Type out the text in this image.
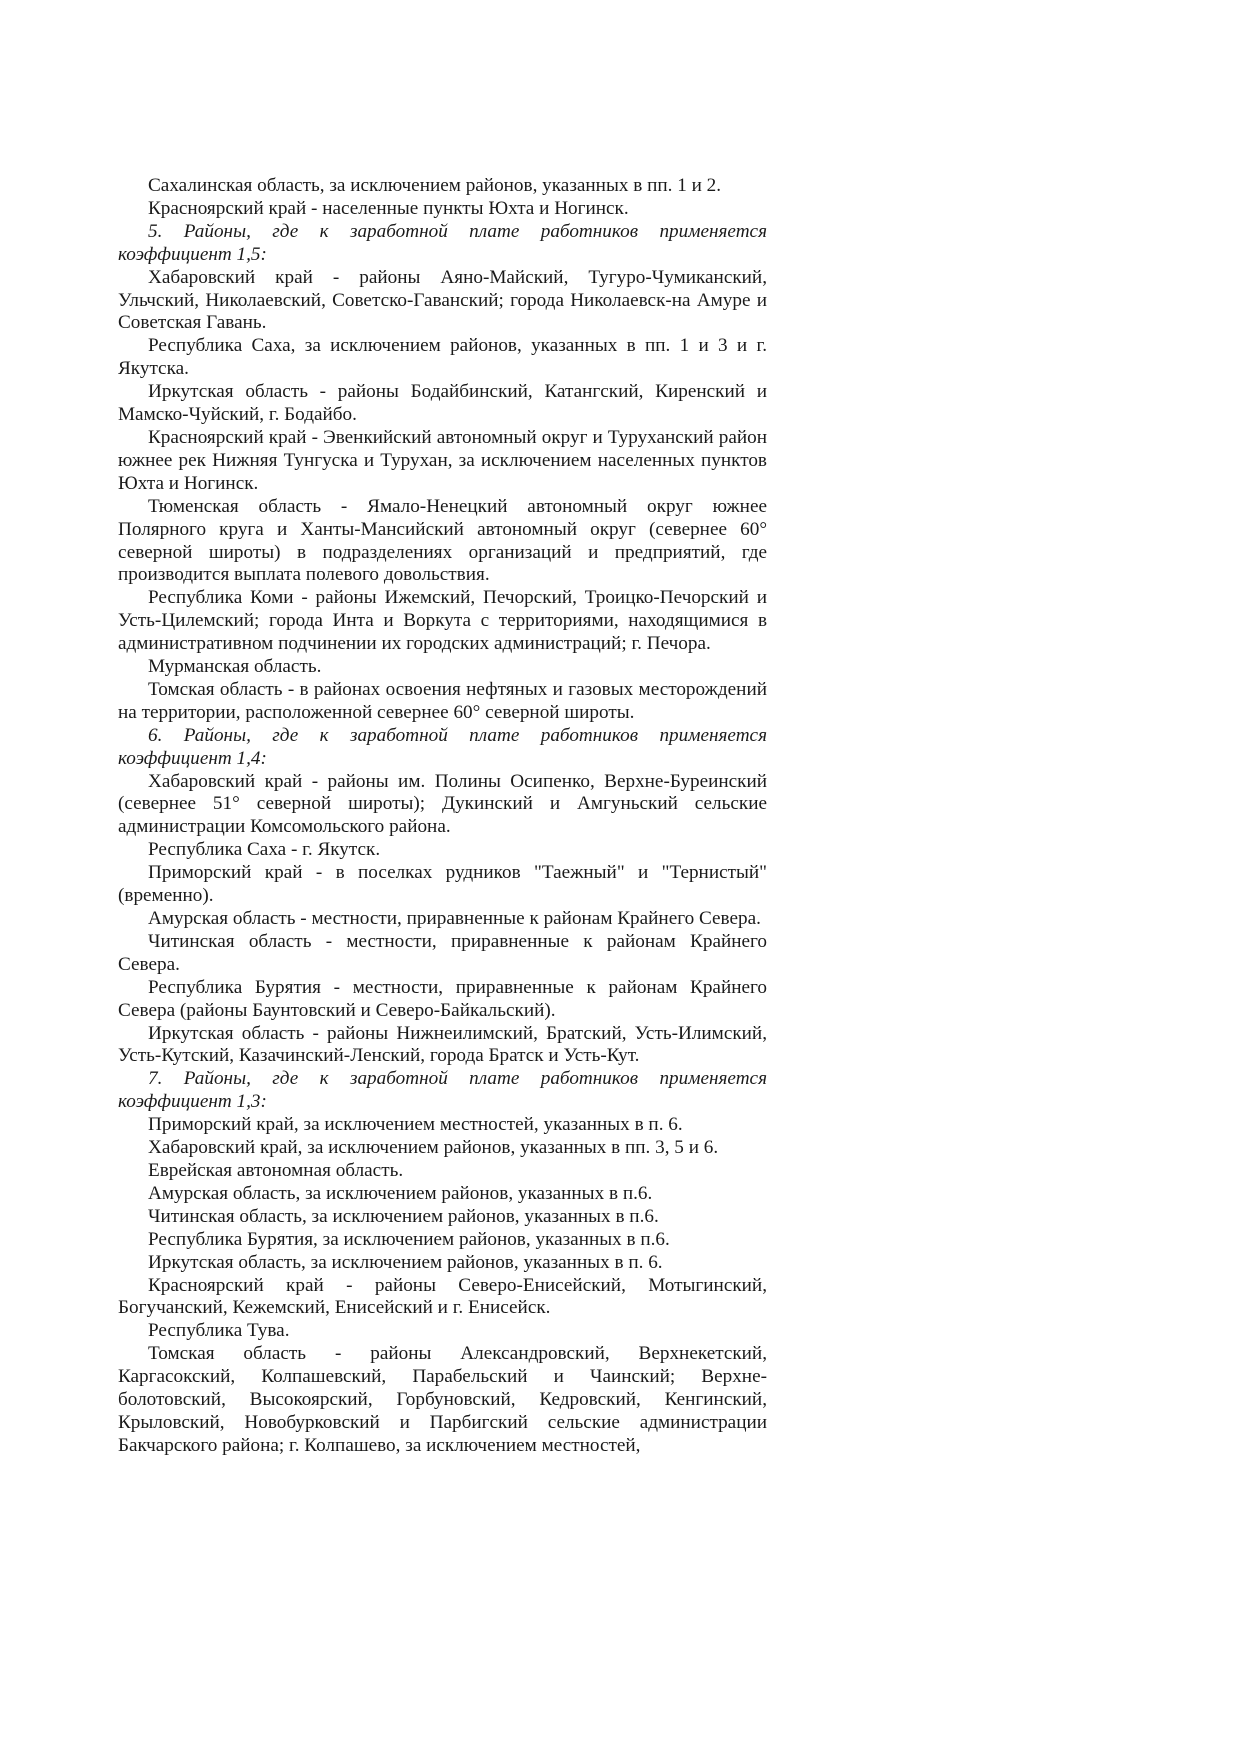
Сахалинская область, за исключением районов, указанных в пп. 1 и 2.

Красноярский край - населенные пункты Юхта и Ногинск.

5. Районы, где к заработной плате работников применяется коэффициент 1,5:

Хабаровский край - районы Аяно-Майский, Тугуро-Чумиканский, Ульчский, Николаевский, Советско-Гаванский; города Николаевск-на Амуре и Советская Гавань.

Республика Саха, за исключением районов, указанных в пп. 1 и 3 и г. Якутска.

Иркутская область - районы Бодайбинский, Катангский, Киренский и Мамско-Чуйский, г. Бодайбо.

Красноярский край - Эвенкийский автономный округ и Туруханский район южнее рек Нижняя Тунгуска и Турухан, за исключением населенных пунктов Юхта и Ногинск.

Тюменская область - Ямало-Ненецкий автономный округ южнее Полярного круга и Ханты-Мансийский автономный округ (севернее 60° северной широты) в подразделениях организаций и предприятий, где производится выплата полевого довольствия.

Республика Коми - районы Ижемский, Печорский, Троицко-Печорский и Усть-Цилемский; города Инта и Воркута с территориями, находящимися в административном подчинении их городских администраций; г. Печора.

Мурманская область.

Томская область - в районах освоения нефтяных и газовых месторождений на территории, расположенной севернее 60° северной широты.

6. Районы, где к заработной плате работников применяется коэффициент 1,4:

Хабаровский край - районы им. Полины Осипенко, Верхне-Буреинский (севернее 51° северной широты); Дукинский и Амгуньский сельские администрации Комсомольского района.

Республика Саха - г. Якутск.

Приморский край - в поселках рудников "Таежный" и "Тернистый" (временно).

Амурская область - местности, приравненные к районам Крайнего Севера.

Читинская область - местности, приравненные к районам Крайнего Севера.

Республика Бурятия - местности, приравненные к районам Крайнего Севера (районы Баунтовский и Северо-Байкальский).

Иркутская область - районы Нижнеилимский, Братский, Усть-Илимский, Усть-Кутский, Казачинский-Ленский, города Братск и Усть-Кут.

7. Районы, где к заработной плате работников применяется коэффициент 1,3:

Приморский край, за исключением местностей, указанных в п. 6.

Хабаровский край, за исключением районов, указанных в пп. 3, 5 и 6.

Еврейская автономная область.

Амурская область, за исключением районов, указанных в п.6.

Читинская область, за исключением районов, указанных в п.6.

Республика Бурятия, за исключением районов, указанных в п.6.

Иркутская область, за исключением районов, указанных в п. 6.

Красноярский край - районы Северо-Енисейский, Мотыгинский, Богучанский, Кежемский, Енисейский и г. Енисейск.

Республика Тува.

Томская область - районы Александровский, Верхнекетский, Каргасокский, Колпашевский, Парабельский и Чаинский; Верхне-болотовский, Высокоярский, Горбуновский, Кедровский, Кенгинский, Крыловский, Новобурковский и Парбигский сельские администрации Бакчарского района; г. Колпашево, за исключением местностей,
